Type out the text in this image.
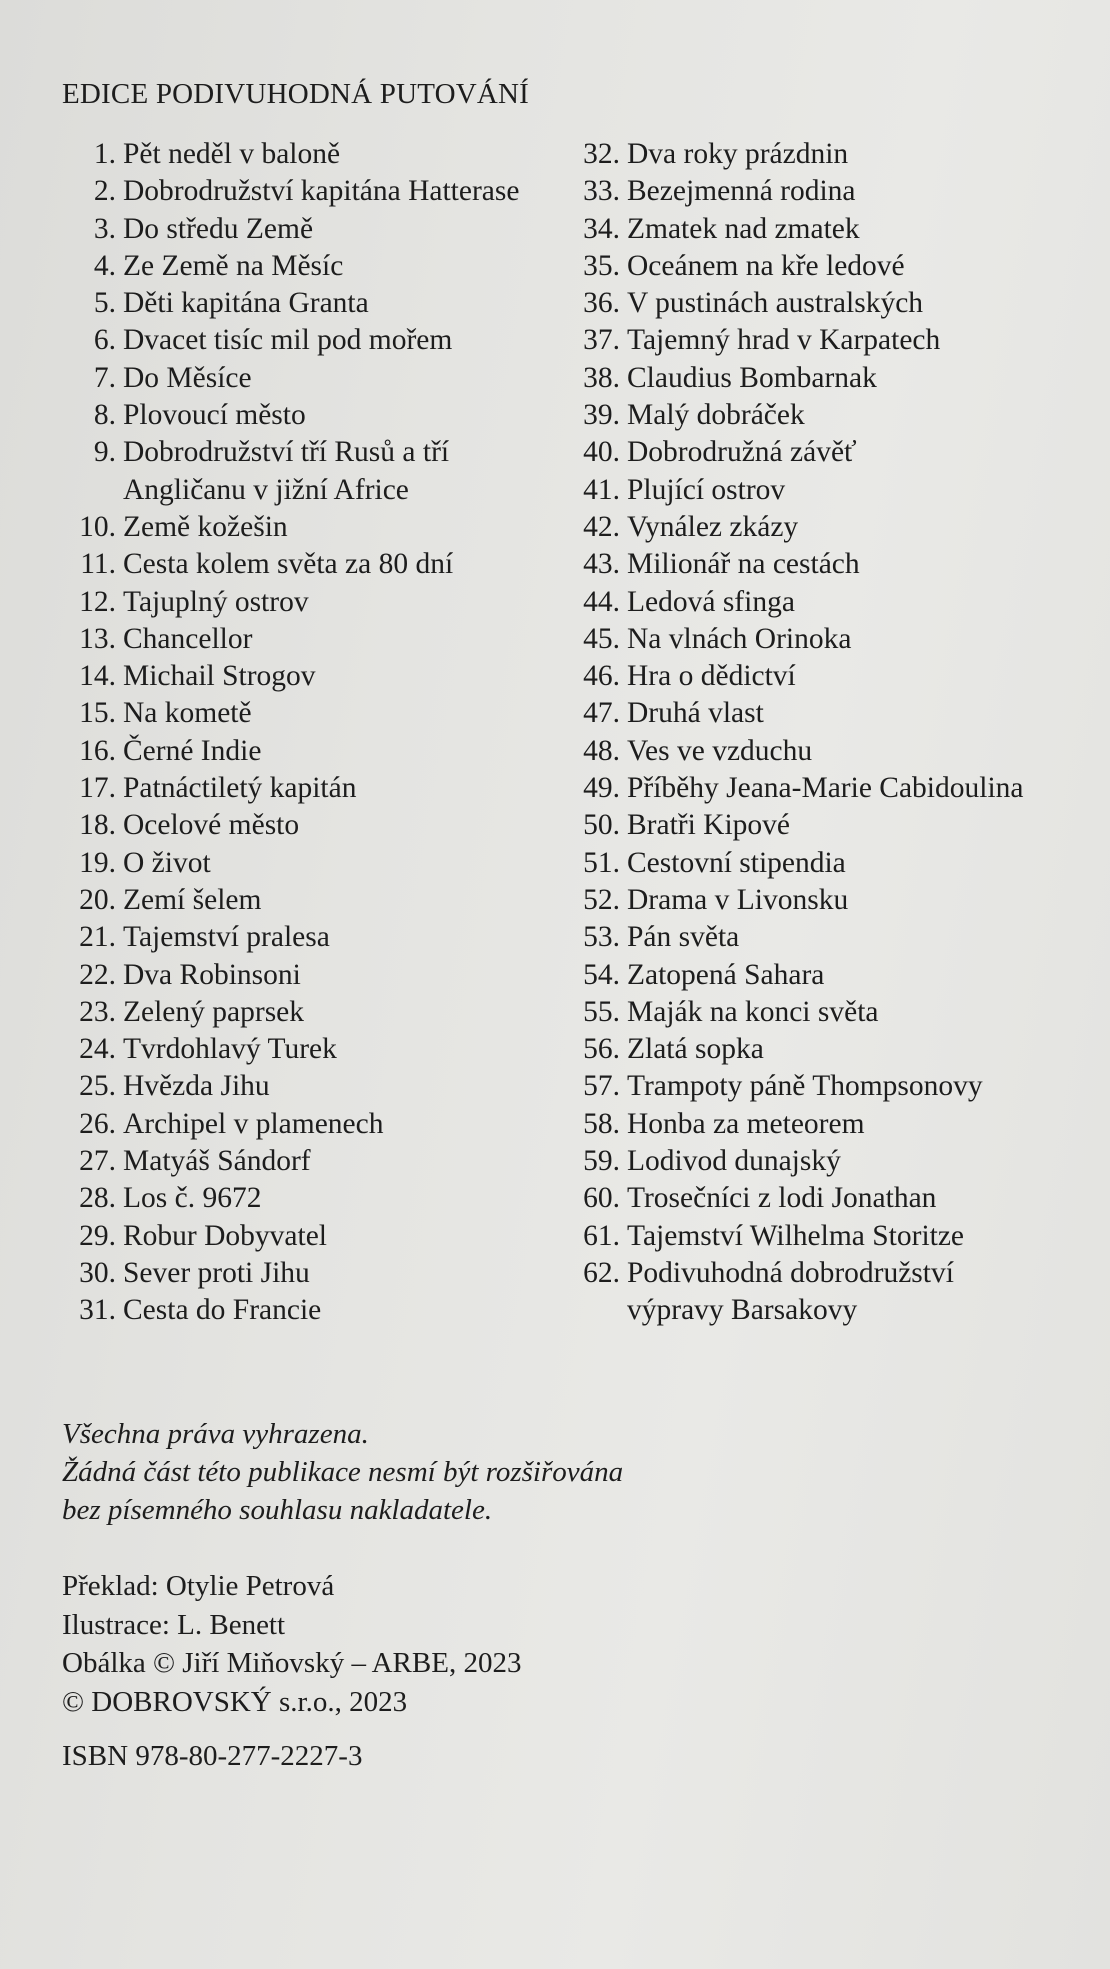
EDICE PODIVUHODNÁ PUTOVÁNÍ
1. Pět neděl v baloně
2. Dobrodružství kapitána Hatterase
3. Do středu Země
4. Ze Země na Měsíc
5. Děti kapitána Granta
6. Dvacet tisíc mil pod mořem
7. Do Měsíce
8. Plovoucí město
9. Dobrodružství tří Rusů a tří Angličanu v jižní Africe
10. Země kožešin
11. Cesta kolem světa za 80 dní
12. Tajuplný ostrov
13. Chancellor
14. Michail Strogov
15. Na kometě
16. Černé Indie
17. Patnáctiletý kapitán
18. Ocelové město
19. O život
20. Zemí šelem
21. Tajemství pralesa
22. Dva Robinsoni
23. Zelený paprsek
24. Tvrdohlavý Turek
25. Hvězda Jihu
26. Archipel v plamenech
27. Matyáš Sándorf
28. Los č. 9672
29. Robur Dobyvatel
30. Sever proti Jihu
31. Cesta do Francie
32. Dva roky prázdnin
33. Bezejmenná rodina
34. Zmatek nad zmatek
35. Oceánem na kře ledové
36. V pustinách australských
37. Tajemný hrad v Karpatech
38. Claudius Bombarnak
39. Malý dobráček
40. Dobrodružná závěť
41. Plující ostrov
42. Vynález zkázy
43. Milionář na cestách
44. Ledová sfinga
45. Na vlnách Orinoka
46. Hra o dědictví
47. Druhá vlast
48. Ves ve vzduchu
49. Příběhy Jeana-Marie Cabidoulina
50. Bratři Kipové
51. Cestovní stipendia
52. Drama v Livonsku
53. Pán světa
54. Zatopená Sahara
55. Maják na konci světa
56. Zlatá sopka
57. Trampoty páně Thompsonovy
58. Honba za meteorem
59. Lodivod dunajský
60. Trosečníci z lodi Jonathan
61. Tajemství Wilhelma Storitze
62. Podivuhodná dobrodružství výpravy Barsakovy
Všechna práva vyhrazena.
Žádná část této publikace nesmí být rozšiřována
bez písemného souhlasu nakladatele.
Překlad: Otylie Petrová
Ilustrace: L. Benett
Obálka © Jiří Miňovský – ARBE, 2023
© DOBROVSKÝ s.r.o., 2023
ISBN 978-80-277-2227-3
